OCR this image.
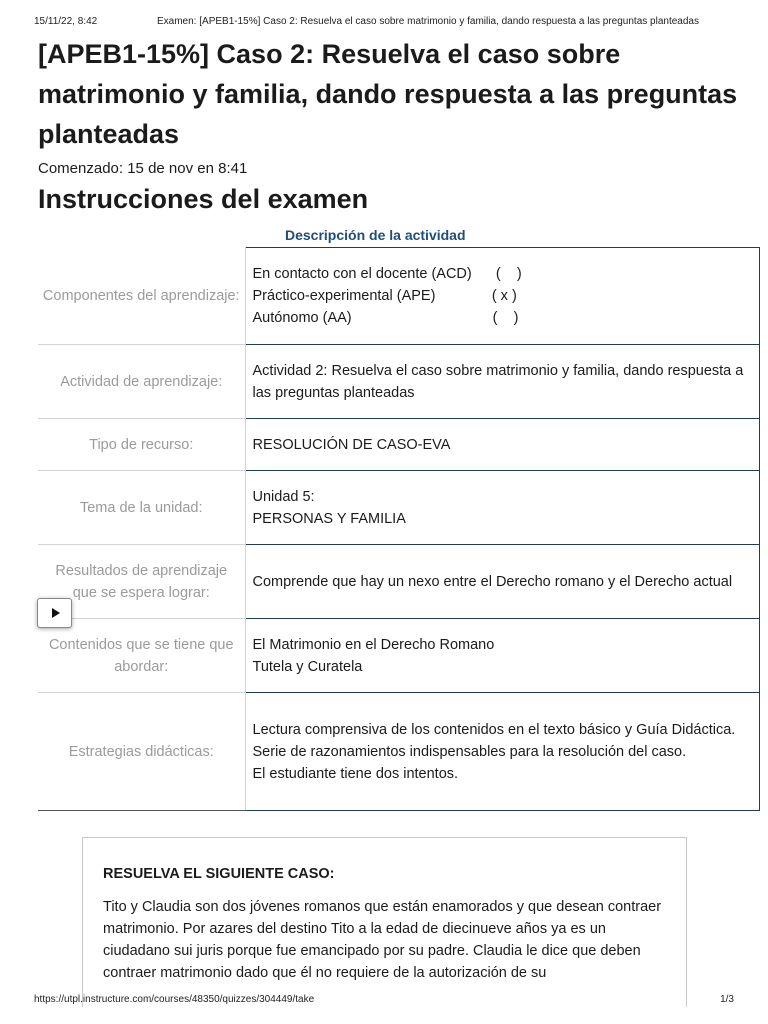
15/11/22, 8:42	Examen: [APEB1-15%] Caso 2: Resuelva el caso sobre matrimonio y familia, dando respuesta a las preguntas planteadas
[APEB1-15%] Caso 2: Resuelva el caso sobre matrimonio y familia, dando respuesta a las preguntas planteadas
Comenzado: 15 de nov en 8:41
Instrucciones del examen
Descripción de la actividad
Componentes del aprendizaje:	En contacto con el docente (ACD)      (    )
Práctico-experimental (APE)              ( x )
Autónomo (AA)                                   (    )

Actividad de aprendizaje:	Actividad 2: Resuelva el caso sobre matrimonio y familia, dando respuesta a las preguntas planteadas

Tipo de recurso:	RESOLUCIÓN DE CASO-EVA

Tema de la unidad:	Unidad 5:
PERSONAS Y FAMILIA

Resultados de aprendizaje que se espera lograr:	Comprende que hay un nexo entre el Derecho romano y el Derecho actual

Contenidos que se tiene que abordar:	El Matrimonio en el Derecho Romano
Tutela y Curatela

Estrategias didácticas:	Lectura comprensiva de los contenidos en el texto básico y Guía Didáctica.
Serie de razonamientos indispensables para la resolución del caso.
El estudiante tiene dos intentos.
RESUELVA EL SIGUIENTE CASO:

Tito y Claudia son dos jóvenes romanos que están enamorados y que desean contraer matrimonio. Por azares del destino Tito a la edad de diecinueve años ya es un ciudadano sui juris porque fue emancipado por su padre. Claudia le dice que deben contraer matrimonio dado que él no requiere de la autorización de su

https://utpl.instructure.com/courses/48350/quizzes/304449/take	1/3
